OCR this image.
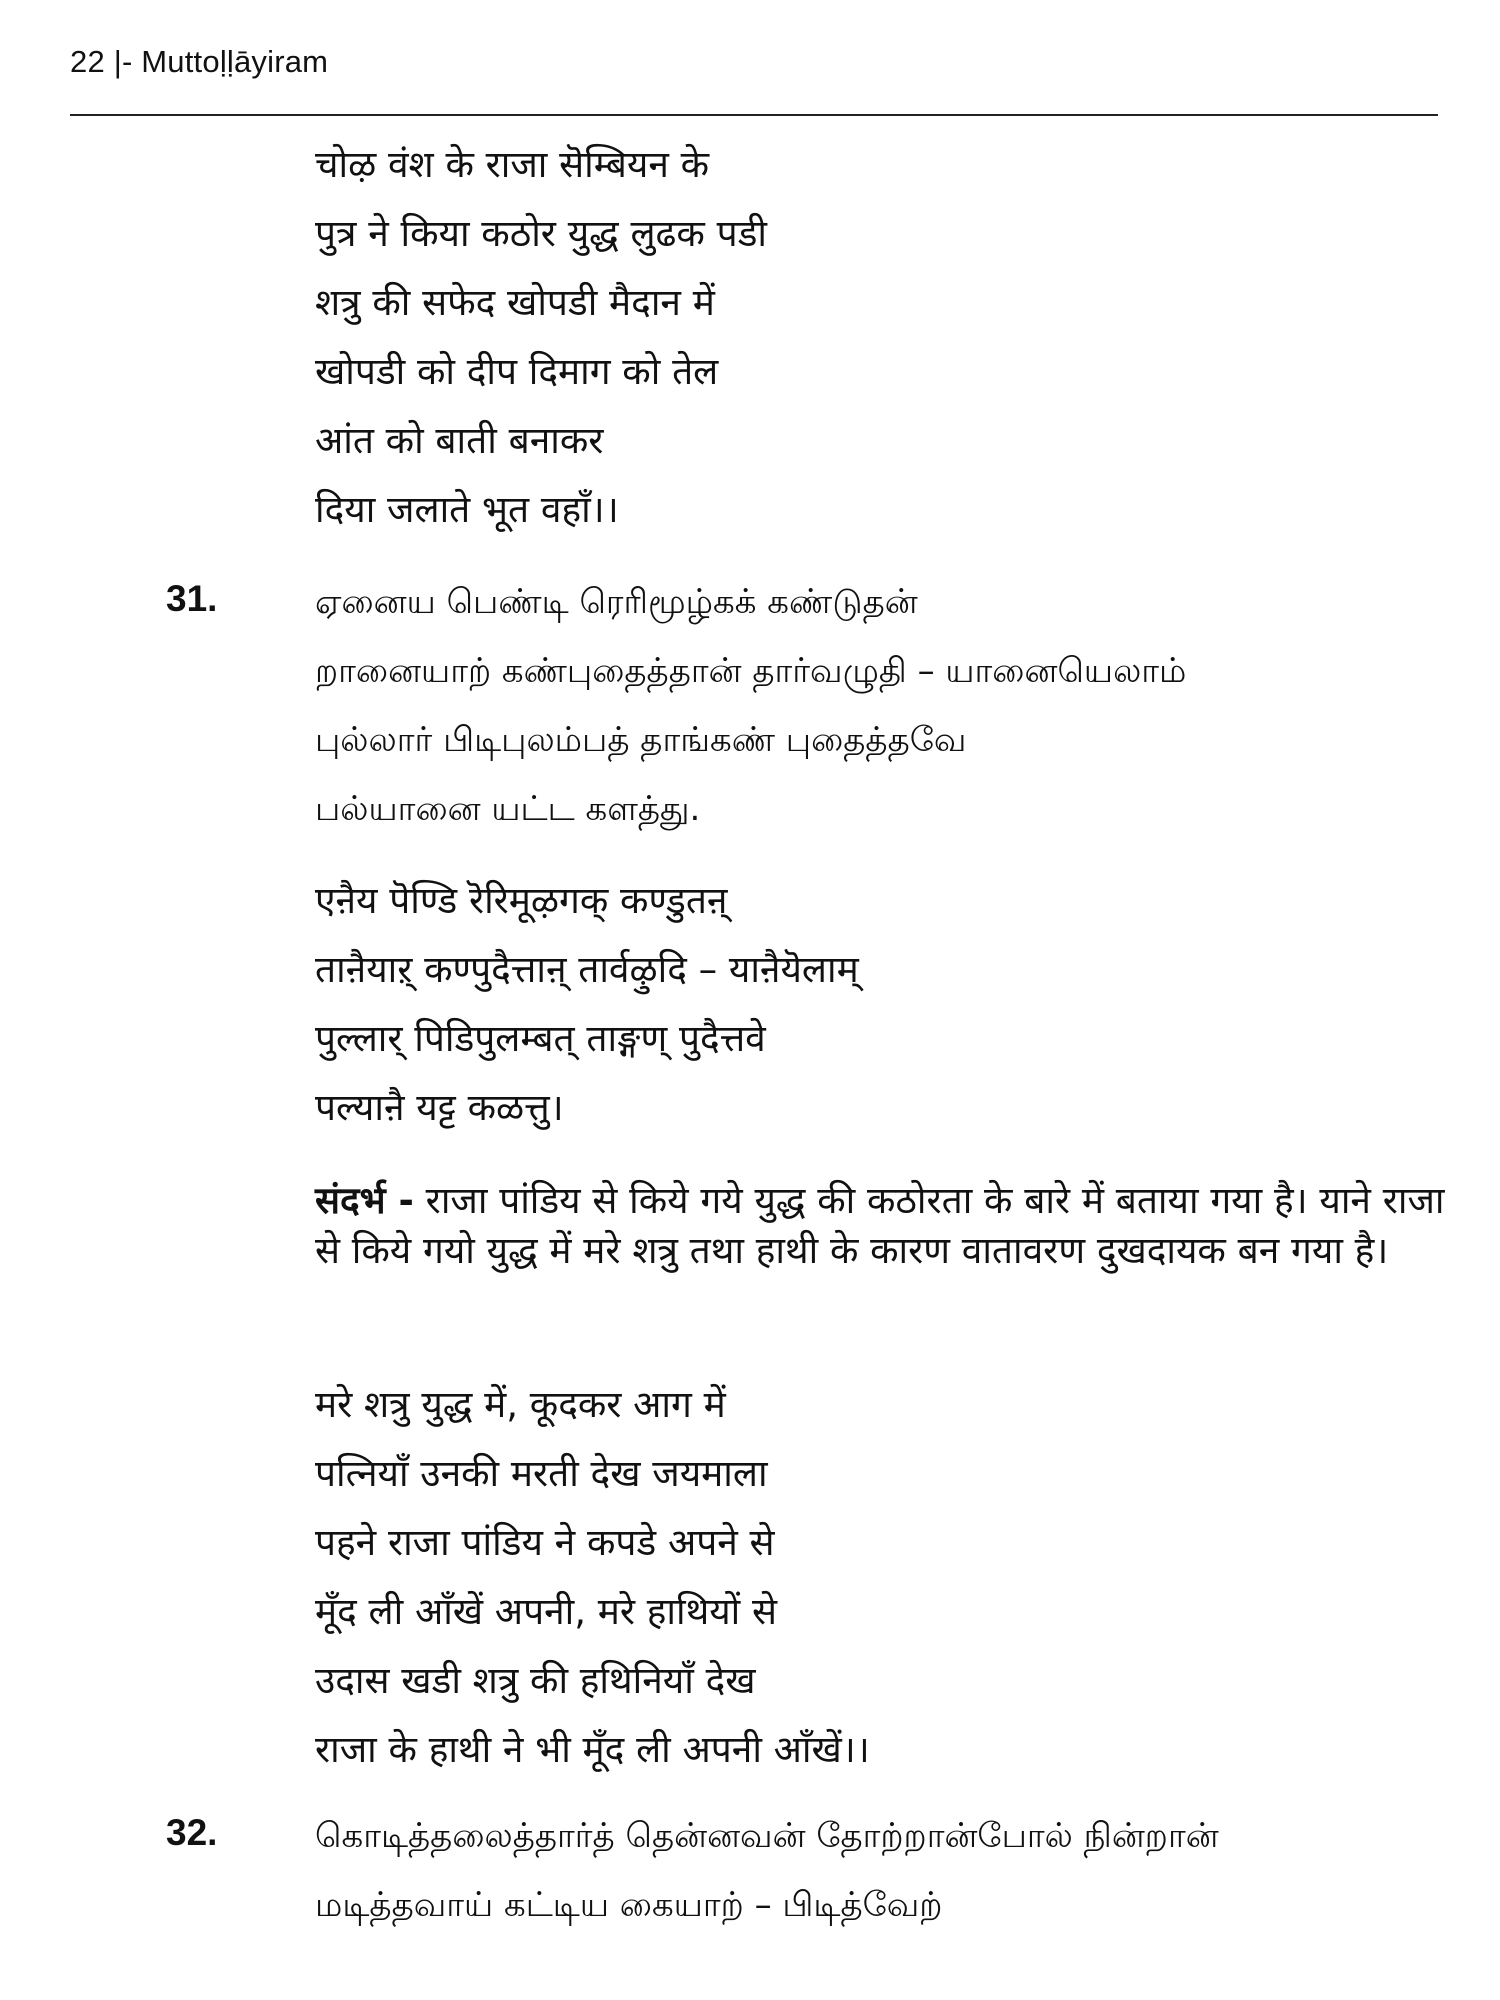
22 |- Muttoḷḷāyiram
चोऴ वंश के राजा सॆम्बियन के
पुत्र ने किया कठोर युद्ध लुढक पडी
शत्रु की सफेद खोपडी मैदान में
खोपडी को दीप दिमाग को तेल
आंत को बाती बनाकर
दिया जलाते भूत वहाँ।।
31.	ஏனைய பெண்டி ரெரிமூழ்கக் கண்டுதன்
றானையாற் கண்புதைத்தான் தார்வழுதி – யானையெலாம்
புல்லார் பிடிபுலம்பத் தாங்கண் புதைத்தவே
பல்யானை யட்ட களத்து.
एऩैय पॆण्डि रॆरिमूऴगक् कण्डुतऩ्
ताऩैयाऱ् कण्पुदैत्ताऩ् तार्वऴुदि – याऩैयॆलाम्
पुल्लार् पिडिपुलम्बत् ताङ्गण् पुदैत्तवे
पल्याऩै यट्ट कळत्तु।
संदर्भ - राजा पांडिय से किये गये युद्ध की कठोरता के बारे में बताया गया है। याने राजा से किये गयो युद्ध में मरे शत्रु तथा हाथी के कारण वातावरण दुखदायक बन गया है।
मरे शत्रु युद्ध में, कूदकर आग में
पत्नियाँ उनकी मरती देख जयमाला
पहने राजा पांडिय ने कपडे अपने से
मूँद ली आँखें अपनी, मरे हाथियों से
उदास खडी शत्रु की हथिनियाँ देख
राजा के हाथी ने भी मूँद ली अपनी आँखें।।
32.	கொடித்தலைத்தார்த் தென்னவன் தோற்றான்போல் நின்றான்
மடித்தவாய் கட்டிய கையாற் – பிடித்வேற்
